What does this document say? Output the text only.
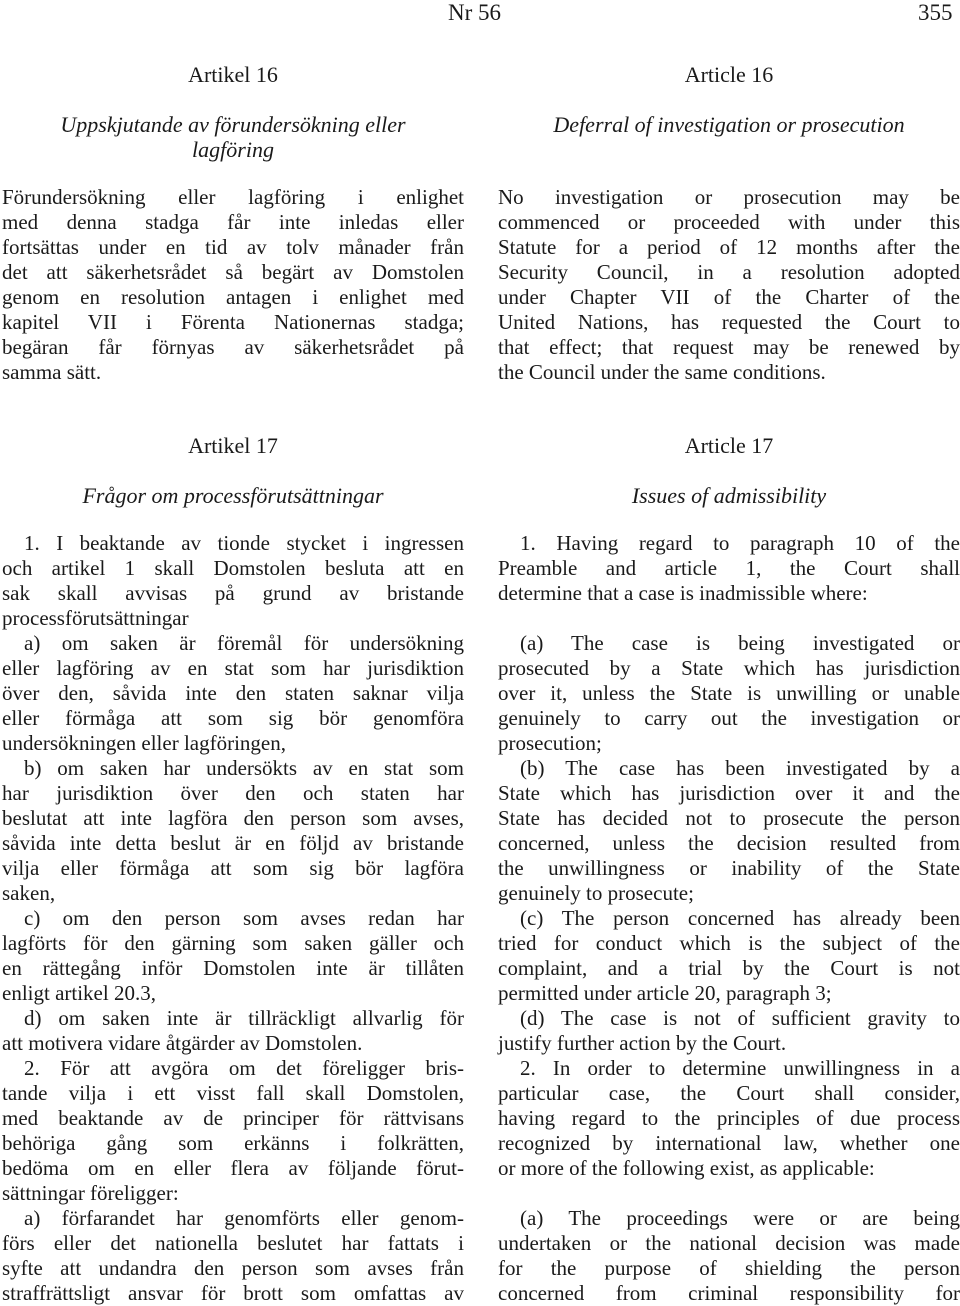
Nr 56	355
Artikel 16
Uppskjutande av förundersökning eller
lagföring
Förundersökning eller lagföring i enlighet
med denna stadga får inte inledas eller
fortsättas under en tid av tolv månader från
det att säkerhetsrådet så begärt av Domstolen
genom en resolution antagen i enlighet med
kapitel VII i Förenta Nationernas stadga;
begäran får förnyas av säkerhetsrådet på
samma sätt.
Artikel 17
Frågor om processförutsättningar
1. I beaktande av tionde stycket i ingressen
och artikel 1 skall Domstolen besluta att en
sak skall avvisas på grund av bristande
processförutsättningar
a) om saken är föremål för undersökning
eller lagföring av en stat som har jurisdiktion
över den, såvida inte den staten saknar vilja
eller förmåga att som sig bör genomföra
undersökningen eller lagföringen,
b) om saken har undersökts av en stat som
har jurisdiktion över den och staten har
beslutat att inte lagföra den person som avses,
såvida inte detta beslut är en följd av bristande
vilja eller förmåga att som sig bör lagföra
saken,
c) om den person som avses redan har
lagförts för den gärning som saken gäller och
en rättegång inför Domstolen inte är tillåten
enligt artikel 20.3,
d) om saken inte är tillräckligt allvarlig för
att motivera vidare åtgärder av Domstolen.
2. För att avgöra om det föreligger bris-
tande vilja i ett visst fall skall Domstolen,
med beaktande av de principer för rättvisans
behöriga gång som erkänns i folkrätten,
bedöma om en eller flera av följande förut-
sättningar föreligger:
a) förfarandet har genomförts eller genom-
förs eller det nationella beslutet har fattats i
syfte att undandra den person som avses från
straffrättsligt ansvar för brott som omfattas av
Article 16
Deferral of investigation or prosecution
No investigation or prosecution may be
commenced or proceeded with under this
Statute for a period of 12 months after the
Security Council, in a resolution adopted
under Chapter VII of the Charter of the
United Nations, has requested the Court to
that effect; that request may be renewed by
the Council under the same conditions.
Article 17
Issues of admissibility
1. Having regard to paragraph 10 of the
Preamble and article 1, the Court shall
determine that a case is inadmissible where:
(a) The case is being investigated or
prosecuted by a State which has jurisdiction
over it, unless the State is unwilling or unable
genuinely to carry out the investigation or
prosecution;
(b) The case has been investigated by a
State which has jurisdiction over it and the
State has decided not to prosecute the person
concerned, unless the decision resulted from
the unwillingness or inability of the State
genuinely to prosecute;
(c) The person concerned has already been
tried for conduct which is the subject of the
complaint, and a trial by the Court is not
permitted under article 20, paragraph 3;
(d) The case is not of sufficient gravity to
justify further action by the Court.
2. In order to determine unwillingness in a
particular case, the Court shall consider,
having regard to the principles of due process
recognized by international law, whether one
or more of the following exist, as applicable:
(a) The proceedings were or are being
undertaken or the national decision was made
for the purpose of shielding the person
concerned from criminal responsibility for
